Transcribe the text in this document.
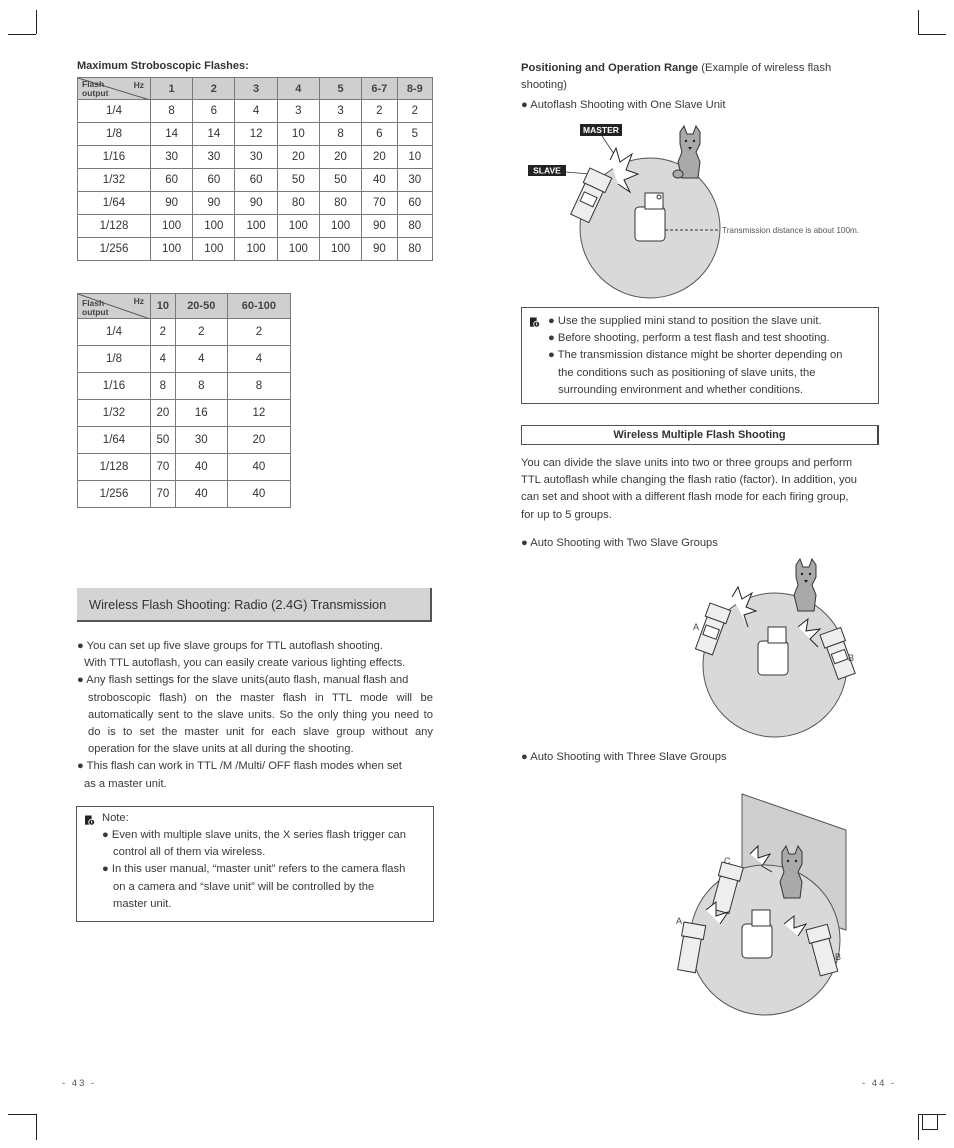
Maximum Stroboscopic Flashes:
Hz
Flash
output	1	2	3	4	5	6-7	8-9
1/4	8	6	4	3	3	2	2
1/8	14	14	12	10	8	6	5
1/16	30	30	30	20	20	20	10
1/32	60	60	60	50	50	40	30
1/64	90	90	90	80	80	70	60
1/128	100	100	100	100	100	90	80
1/256	100	100	100	100	100	90	80
Hz
Flash
output	10	20-50	60-100
1/4	2	2	2
1/8	4	4	4
1/16	8	8	8
1/32	20	16	12
1/64	50	30	20
1/128	70	40	40
1/256	70	40	40
Wireless Flash Shooting: Radio (2.4G) Transmission
● You can set up five slave groups for TTL autoflash shooting.
With TTL autoflash, you can easily create various lighting effects.
● Any flash settings for the slave units(auto flash, manual flash and
stroboscopic flash) on the master flash in TTL mode will be
automatically sent to the slave units. So the only thing you need to
do is to set the master unit for each slave group without any
operation for the slave units at all during the shooting.
● This flash can work in TTL /M /Multi/ OFF flash modes when set
as a master unit.
Note:
● Even with multiple slave units, the X series flash trigger can
control all of them via wireless.
● In this user manual, “master unit” refers to the camera flash
on a camera and “slave unit” will be controlled by the
master unit.
- 43 -
Positioning and Operation Range (Example of wireless flash
shooting)
● Autoflash Shooting with One Slave Unit
MASTER
SLAVE
Transmission distance is about 100m.
● Use the supplied mini stand to position the slave unit.
● Before shooting, perform a test flash and test shooting.
● The transmission distance might be shorter depending on
the conditions such as positioning of slave units, the
surrounding environment and whether conditions.
Wireless Multiple Flash Shooting
You can divide the slave units into two or three groups and perform
TTL autoflash while changing the flash ratio (factor). In addition, you
can set and shoot with a different flash mode for each firing group,
for up to 5 groups.
● Auto Shooting with Two Slave Groups
A
B
● Auto Shooting with Three Slave Groups
C
A
B
- 44 -
